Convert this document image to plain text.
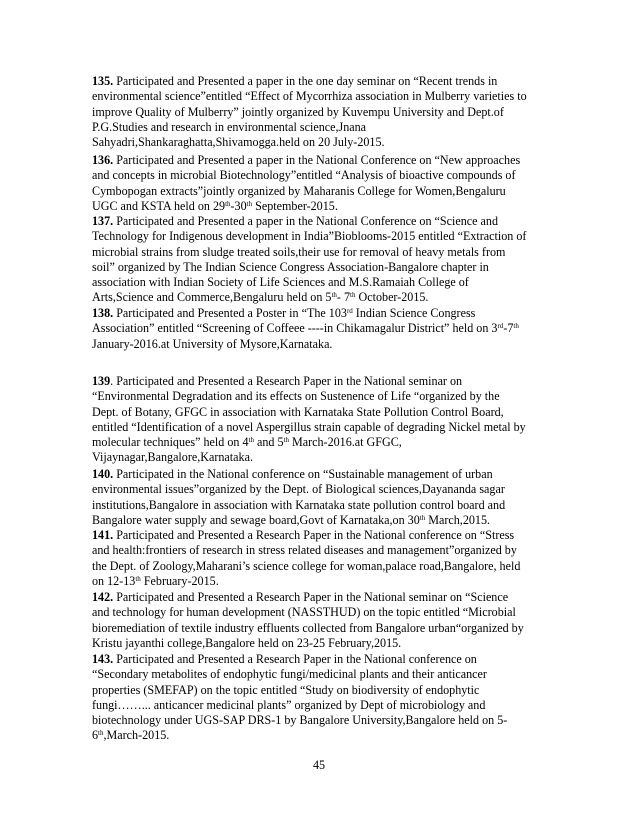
135. Participated and Presented a paper in the one day seminar on “Recent trends in
environmental science”entitled “Effect of Mycorrhiza association in Mulberry varieties to
improve Quality of Mulberry” jointly organized by Kuvempu University and Dept.of
P.G.Studies and research in environmental science,Jnana
Sahyadri,Shankaraghatta,Shivamogga.held on 20 July-2015.
136. Participated and Presented a paper in the National Conference on “New approaches
and concepts in microbial Biotechnology”entitled “Analysis of bioactive compounds of
Cymbopogan extracts”jointly organized by Maharanis College for Women,Bengaluru
UGC and KSTA held on 29th-30th September-2015.
137. Participated and Presented a paper in the National Conference on “Science and
Technology for Indigenous development in India”Bioblooms-2015 entitled “Extraction of
microbial strains from sludge treated soils,their use for removal of heavy metals from
soil” organized by The Indian Science Congress Association-Bangalore chapter in
association with Indian Society of Life Sciences and M.S.Ramaiah College of
Arts,Science and Commerce,Bengaluru held on 5th- 7th October-2015.
138. Participated and Presented a Poster in “The 103rd Indian Science Congress
Association” entitled “Screening of Coffeee ----in Chikamagalur District” held on 3rd-7th
January-2016.at University of Mysore,Karnataka.
139. Participated and Presented a Research Paper in the National seminar on
“Environmental Degradation and its effects on Sustenence of Life “organized by the
Dept. of Botany, GFGC in association with Karnataka State Pollution Control Board,
entitled “Identification of a novel Aspergillus strain capable of degrading Nickel metal by
molecular techniques” held on 4th and 5th March-2016.at GFGC,
Vijaynagar,Bangalore,Karnataka.
140. Participated in the National conference on “Sustainable management of urban
environmental issues”organized by the Dept. of Biological sciences,Dayananda sagar
institutions,Bangalore in association with Karnataka state pollution control board and
Bangalore water supply and sewage board,Govt of Karnataka,on 30th March,2015.
141. Participated and Presented a Research Paper in the National conference on “Stress
and health:frontiers of research in stress related diseases and management”organized by
the Dept. of Zoology,Maharani’s science college for woman,palace road,Bangalore, held
on 12-13th February-2015.
142. Participated and Presented a Research Paper in the National seminar on “Science
and technology for human development (NASSTHUD) on the topic entitled “Microbial
bioremediation of textile industry effluents collected from Bangalore urban“organized by
Kristu jayanthi college,Bangalore held on 23-25 February,2015.
143. Participated and Presented a Research Paper in the National conference on
“Secondary metabolites of endophytic fungi/medicinal plants and their anticancer
properties (SMEFAP) on the topic entitled “Study on biodiversity of endophytic
fungi……... anticancer medicinal plants” organized by Dept of microbiology and
biotechnology under UGS-SAP DRS-1 by Bangalore University,Bangalore held on 5-
6th,March-2015.
45
